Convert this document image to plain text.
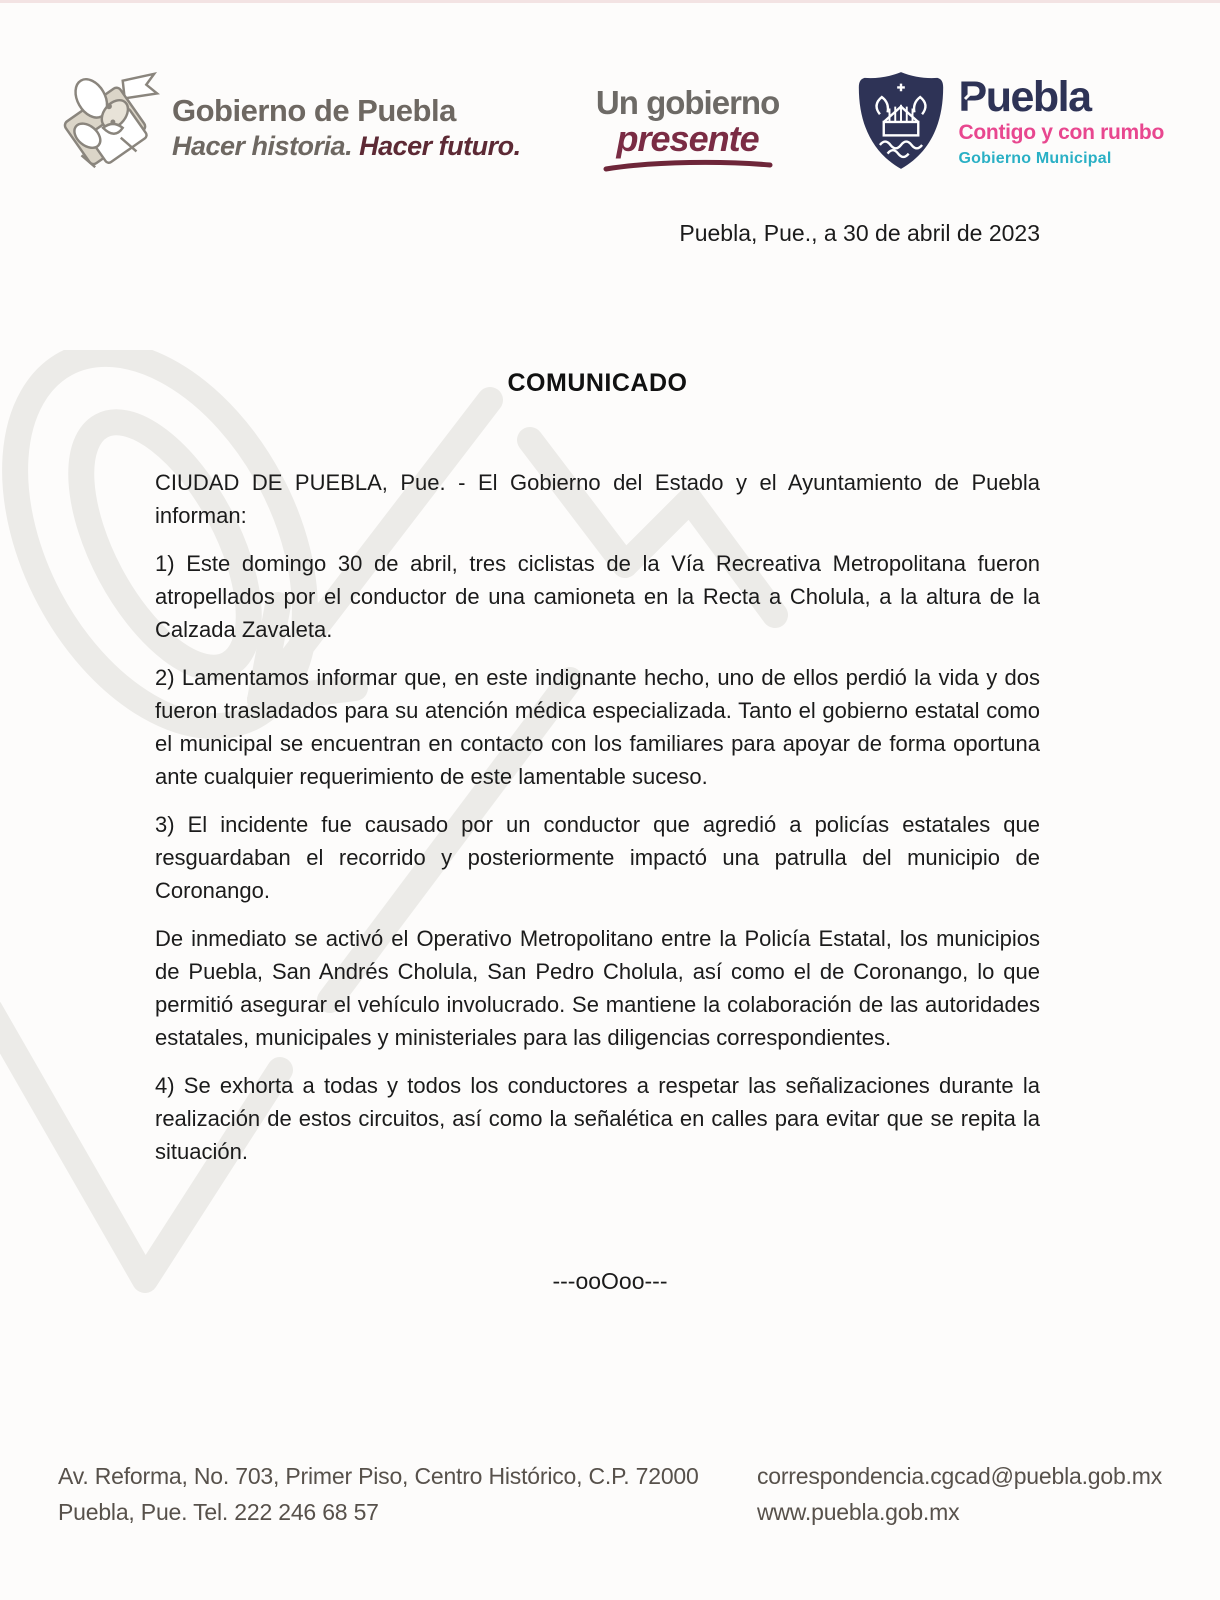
Gobierno de Puebla
Hacer historia. Hacer futuro.
Un gobierno
presente
Puebla
Contigo y con rumbo
Gobierno Municipal
Puebla, Pue., a 30 de abril de 2023
COMUNICADO

CIUDAD DE PUEBLA, Pue. - El Gobierno del Estado y el Ayuntamiento de Puebla informan:

1) Este domingo 30 de abril, tres ciclistas de la Vía Recreativa Metropolitana fueron atropellados por el conductor de una camioneta en la Recta a Cholula, a la altura de la Calzada Zavaleta.

2) Lamentamos informar que, en este indignante hecho, uno de ellos perdió la vida y dos fueron trasladados para su atención médica especializada. Tanto el gobierno estatal como el municipal se encuentran en contacto con los familiares para apoyar de forma oportuna ante cualquier requerimiento de este lamentable suceso.

3) El incidente fue causado por un conductor que agredió a policías estatales que resguardaban el recorrido y posteriormente impactó una patrulla del municipio de Coronango.

De inmediato se activó el Operativo Metropolitano entre la Policía Estatal, los municipios de Puebla, San Andrés Cholula, San Pedro Cholula, así como el de Coronango, lo que permitió asegurar el vehículo involucrado. Se mantiene la colaboración de las autoridades estatales, municipales y ministeriales para las diligencias correspondientes.

4) Se exhorta a todas y todos los conductores a respetar las señalizaciones durante la realización de estos circuitos, así como la señalética en calles para evitar que se repita la situación.

---ooOoo---
Av. Reforma, No. 703, Primer Piso, Centro Histórico, C.P. 72000
Puebla, Pue. Tel. 222 246 68 57
correspondencia.cgcad@puebla.gob.mx
www.puebla.gob.mx
